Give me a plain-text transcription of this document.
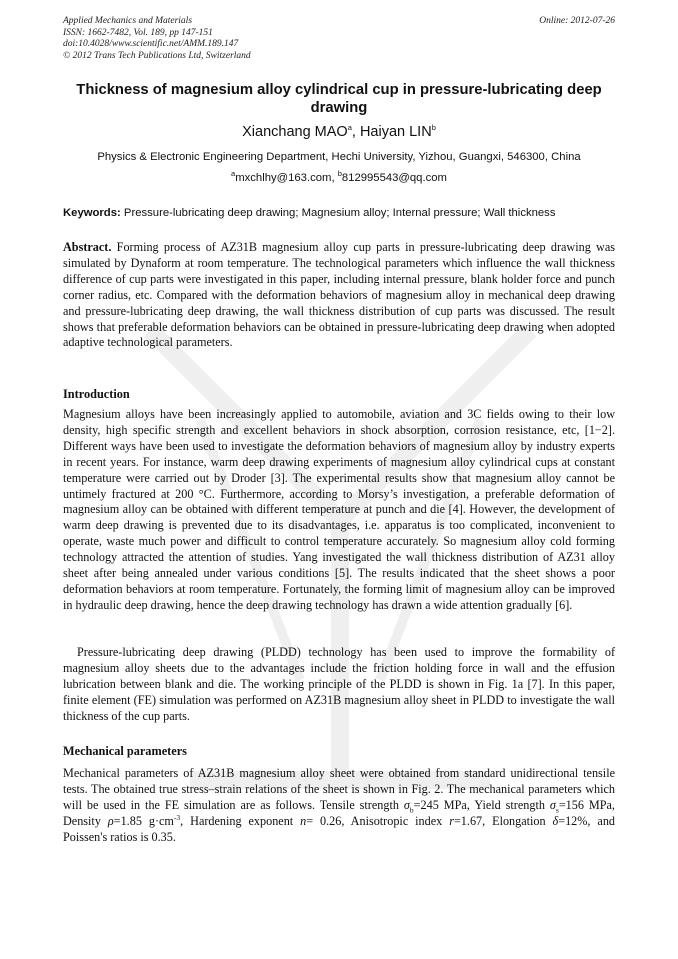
Applied Mechanics and Materials
ISSN: 1662-7482, Vol. 189, pp 147-151
doi:10.4028/www.scientific.net/AMM.189.147
© 2012 Trans Tech Publications Ltd, Switzerland
Online: 2012-07-26
Thickness of magnesium alloy cylindrical cup in pressure-lubricating deep drawing
Xianchang MAO$^a$, Haiyan LIN$^b$
Physics & Electronic Engineering Department, Hechi University, Yizhou, Guangxi, 546300, China
$^a$mxchlhy@163.com, $^b$812995543@qq.com
Keywords: Pressure-lubricating deep drawing; Magnesium alloy; Internal pressure; Wall thickness
Abstract. Forming process of AZ31B magnesium alloy cup parts in pressure-lubricating deep drawing was simulated by Dynaform at room temperature. The technological parameters which influence the wall thickness difference of cup parts were investigated in this paper, including internal pressure, blank holder force and punch corner radius, etc. Compared with the deformation behaviors of magnesium alloy in mechanical deep drawing and pressure-lubricating deep drawing, the wall thickness distribution of cup parts was discussed. The result shows that preferable deformation behaviors can be obtained in pressure-lubricating deep drawing when adopted adaptive technological parameters.
Introduction
Magnesium alloys have been increasingly applied to automobile, aviation and 3C fields owing to their low density, high specific strength and excellent behaviors in shock absorption, corrosion resistance, etc, [1−2]. Different ways have been used to investigate the deformation behaviors of magnesium alloy by industry experts in recent years. For instance, warm deep drawing experiments of magnesium alloy cylindrical cups at constant temperature were carried out by Droder [3]. The experimental results show that magnesium alloy cannot be untimely fractured at 200 °C. Furthermore, according to Morsy’s investigation, a preferable deformation of magnesium alloy can be obtained with different temperature at punch and die [4]. However, the development of warm deep drawing is prevented due to its disadvantages, i.e. apparatus is too complicated, inconvenient to operate, waste much power and difficult to control temperature accurately. So magnesium alloy cold forming technology attracted the attention of studies. Yang investigated the wall thickness distribution of AZ31 alloy sheet after being annealed under various conditions [5]. The results indicated that the sheet shows a poor deformation behaviors at room temperature. Fortunately, the forming limit of magnesium alloy can be improved in hydraulic deep drawing, hence the deep drawing technology has drawn a wide attention gradually [6].
Pressure-lubricating deep drawing (PLDD) technology has been used to improve the formability of magnesium alloy sheets due to the advantages include the friction holding force in wall and the effusion lubrication between blank and die. The working principle of the PLDD is shown in Fig. 1a [7]. In this paper, finite element (FE) simulation was performed on AZ31B magnesium alloy sheet in PLDD to investigate the wall thickness of the cup parts.
Mechanical parameters
Mechanical parameters of AZ31B magnesium alloy sheet were obtained from standard unidirectional tensile tests. The obtained true stress–strain relations of the sheet is shown in Fig. 2. The mechanical parameters which will be used in the FE simulation are as follows. Tensile strength $\sigma_b=245$ MPa, Yield strength $\sigma_s=156$ MPa, Density ρ=1.85 $g\cdot cm^{-3}$, Hardening exponent n= 0.26, Anisotropic index r=1.67, Elongation δ=12%, and Poissen's ratios is 0.35.
